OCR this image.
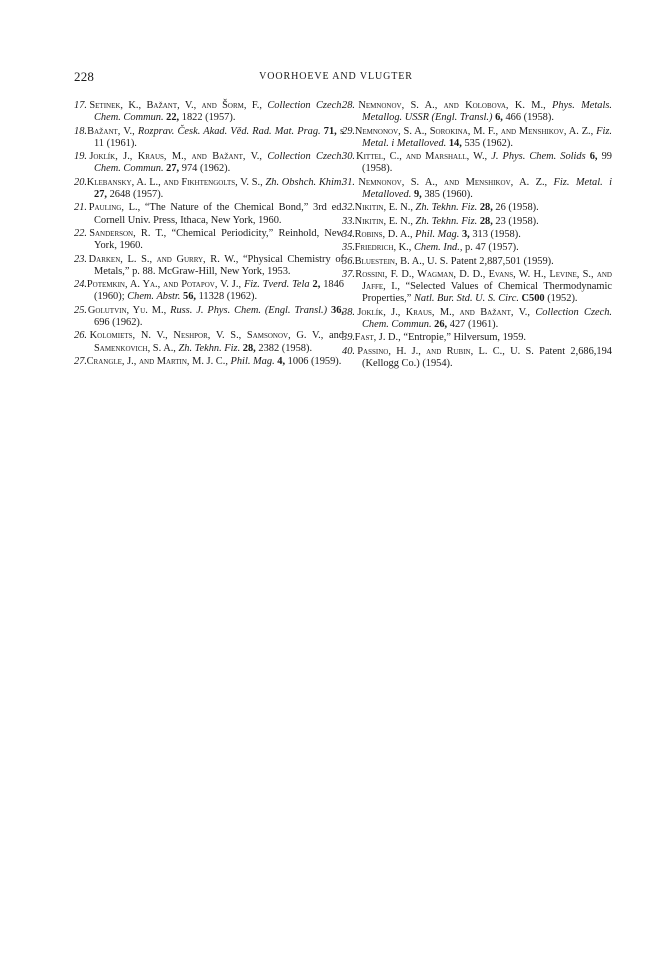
228	VOORHOEVE AND VLUGTER
17. Setinek, K., Bažant, V., and Šorm, F., Collection Czech. Chem. Commun. 22, 1822 (1957).
18. Bažant, V., Rozprav. Česk. Akad. Věd. Rad. Mat. Prag. 71, s 11 (1961).
19. Joklík, J., Kraus, M., and Bažant, V., Collection Czech. Chem. Commun. 27, 974 (1962).
20. Klebansky, A. L., and Fikhtengolts, V. S., Zh. Obshch. Khim. 27, 2648 (1957).
21. Pauling, L., “The Nature of the Chemical Bond,” 3rd ed. Cornell Univ. Press, Ithaca, New York, 1960.
22. Sanderson, R. T., “Chemical Periodicity,” Reinhold, New York, 1960.
23. Darken, L. S., and Gurry, R. W., “Physical Chemistry of Metals,” p. 88. McGraw-Hill, New York, 1953.
24. Potemkin, A. Ya., and Potapov, V. J., Fiz. Tverd. Tela 2, 1846 (1960); Chem. Abstr. 56, 11328 (1962).
25. Golutvin, Yu. M., Russ. J. Phys. Chem. (Engl. Transl.) 36, 696 (1962).
26. Kolomiets, N. V., Neshpor, V. S., Samsonov, G. V., and Samenkovich, S. A., Zh. Tekhn. Fiz. 28, 2382 (1958).
27. Crangle, J., and Martin, M. J. C., Phil. Mag. 4, 1006 (1959).
28. Nemnonov, S. A., and Kolobova, K. M., Phys. Metals. Metallog. USSR (Engl. Transl.) 6, 466 (1958).
29. Nemnonov, S. A., Sorokina, M. F., and Menshikov, A. Z., Fiz. Metal. i Metalloved. 14, 535 (1962).
30. Kittel, C., and Marshall, W., J. Phys. Chem. Solids 6, 99 (1958).
31. Nemnonov, S. A., and Menshikov, A. Z., Fiz. Metal. i Metalloved. 9, 385 (1960).
32. Nikitin, E. N., Zh. Tekhn. Fiz. 28, 26 (1958).
33. Nikitin, E. N., Zh. Tekhn. Fiz. 28, 23 (1958).
34. Robins, D. A., Phil. Mag. 3, 313 (1958).
35. Friedrich, K., Chem. Ind., p. 47 (1957).
36. Bluestein, B. A., U. S. Patent 2,887,501 (1959).
37. Rossini, F. D., Wagman, D. D., Evans, W. H., Levine, S., and Jaffe, I., “Selected Values of Chemical Thermodynamic Properties,” Natl. Bur. Std. U. S. Circ. C500 (1952).
38. Joklík, J., Kraus, M., and Bažant, V., Collection Czech. Chem. Commun. 26, 427 (1961).
39. Fast, J. D., “Entropie,” Hilversum, 1959.
40. Passino, H. J., and Rubin, L. C., U. S. Patent 2,686,194 (Kellogg Co.) (1954).
